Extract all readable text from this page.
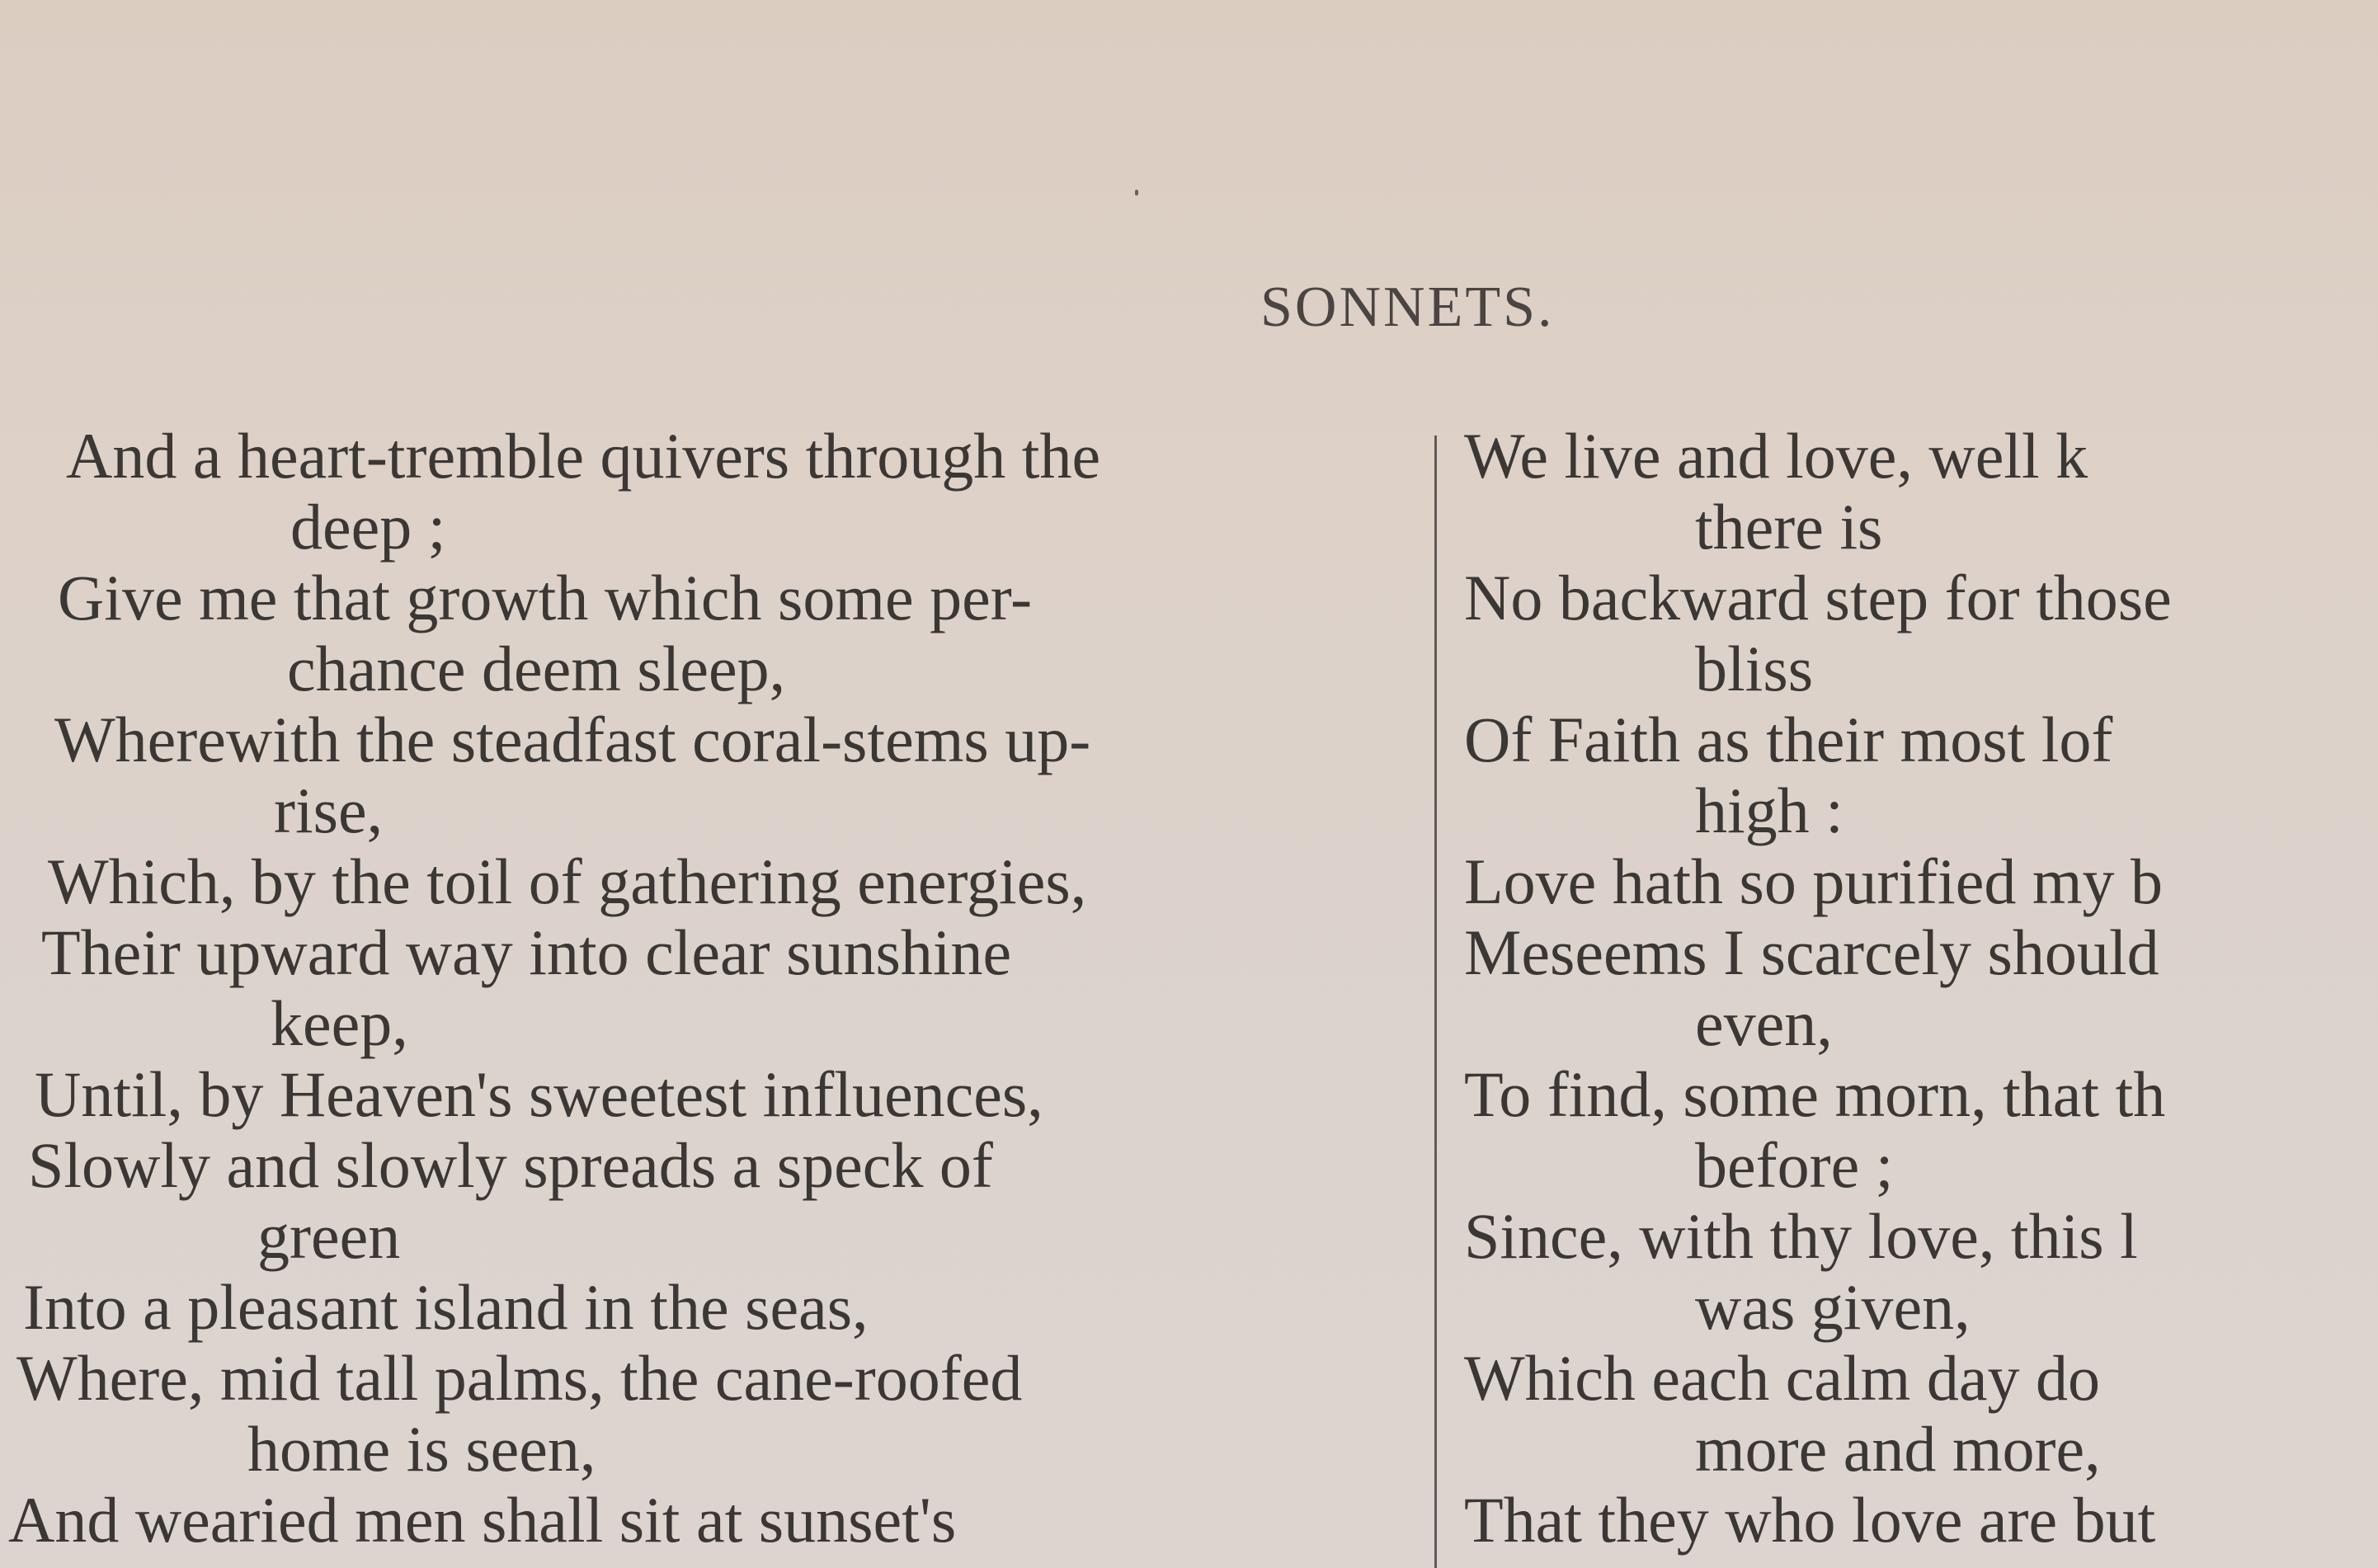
SONNETS.
And a heart-tremble quivers through the
deep ;
Give me that growth which some per-
chance deem sleep,
Wherewith the steadfast coral-stems up-
rise,
Which, by the toil of gathering energies,
Their upward way into clear sunshine
keep,
Until, by Heaven's sweetest influences,
Slowly and slowly spreads a speck of
green
Into a pleasant island in the seas,
Where, mid tall palms, the cane-roofed
home is seen,
And wearied men shall sit at sunset's
We live and love, well k
there is
No backward step for those
bliss
Of Faith as their most lof
high :
Love hath so purified my b
Meseems I scarcely should
even,
To find, some morn, that th
before ;
Since, with thy love, this l
was given,
Which each calm day do
more and more,
That they who love are but
